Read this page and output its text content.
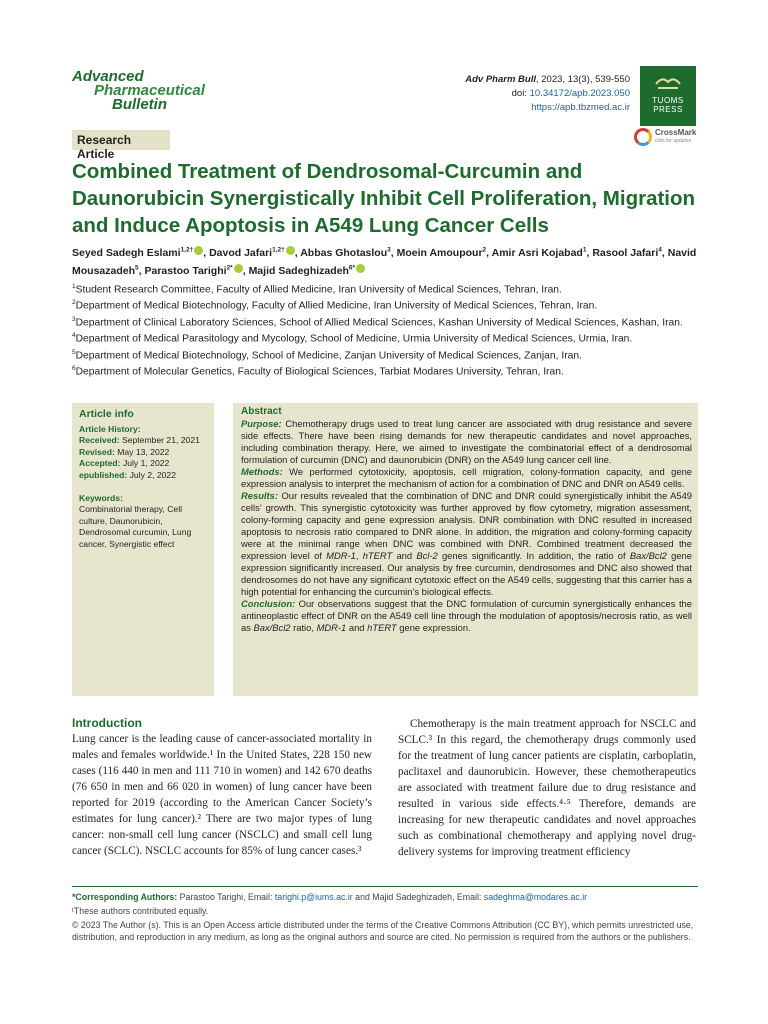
Advanced
Pharmaceutical
Bulletin
Adv Pharm Bull, 2023, 13(3), 539-550
doi: 10.34172/apb.2023.050
https://apb.tbzmed.ac.ir
TUOMS
PRESS
Research Article
CrossMark
click for updates
Combined Treatment of Dendrosomal-Curcumin and Daunorubicin Synergistically Inhibit Cell Proliferation, Migration and Induce Apoptosis in A549 Lung Cancer Cells
Seyed Sadegh Eslami$^{1,2\dagger}$ , Davod Jafari$^{1,2\dagger}$ , Abbas Ghotaslou$^3$, Moein Amoupour$^2$, Amir Asri Kojabad$^1$, Rasool Jafari$^4$, Navid Mousazadeh$^5$, Parastoo Tarighi$^{2*}$ , Majid Sadeghizadeh$^{6*}$
$^1$Student Research Committee, Faculty of Allied Medicine, Iran University of Medical Sciences, Tehran, Iran.
$^2$Department of Medical Biotechnology, Faculty of Allied Medicine, Iran University of Medical Sciences, Tehran, Iran.
$^3$Department of Clinical Laboratory Sciences, School of Allied Medical Sciences, Kashan University of Medical Sciences, Kashan, Iran.
$^4$Department of Medical Parasitology and Mycology, School of Medicine, Urmia University of Medical Sciences, Urmia, Iran.
$^5$Department of Medical Biotechnology, School of Medicine, Zanjan University of Medical Sciences, Zanjan, Iran.
$^6$Department of Molecular Genetics, Faculty of Biological Sciences, Tarbiat Modares University, Tehran, Iran.
Article info
Article History:
Received: September 21, 2021
Revised: May 13, 2022
Accepted: July 1, 2022
epublished: July 2, 2022
Keywords:
Combinatorial therapy, Cell culture, Daunorubicin, Dendrosomal curcumin, Lung cancer, Synergistic effect
Abstract
Purpose: Chemotherapy drugs used to treat lung cancer are associated with drug resistance and severe side effects. There have been rising demands for new therapeutic candidates and novel approaches, including combination therapy. Here, we aimed to investigate the combinatorial effect of a dendrosomal formulation of curcumin (DNC) and daunorubicin (DNR) on the A549 lung cancer cell line.
Methods: We performed cytotoxicity, apoptosis, cell migration, colony-formation capacity, and gene expression analysis to interpret the mechanism of action for a combination of DNC and DNR on A549 cells.
Results: Our results revealed that the combination of DNC and DNR could synergistically inhibit the A549 cells’ growth. This synergistic cytotoxicity was further approved by flow cytometry, migration assessment, colony-forming capacity and gene expression analysis. DNR combination with DNC resulted in increased apoptosis to necrosis ratio compared to DNR alone. In addition, the migration and colony-forming capacity were at the minimal range when DNC was combined with DNR. Combined treatment decreased the expression level of MDR-1, hTERT and Bcl-2 genes significantly. In addition, the ratio of Bax/Bcl2 gene expression significantly increased. Our analysis by free curcumin, dendrosomes and DNC also showed that dendrosomes do not have any significant cytotoxic effect on the A549 cells, suggesting that this carrier has a high potential for enhancing the curcumin’s biological effects.
Conclusion: Our observations suggest that the DNC formulation of curcumin synergistically enhances the antineoplastic effect of DNR on the A549 cell line through the modulation of apoptosis/necrosis ratio, as well as Bax/Bcl2 ratio, MDR-1 and hTERT gene expression.
Introduction

Lung cancer is the leading cause of cancer-associated mortality in males and females worldwide.¹ In the United States, 228 150 new cases (116 440 in men and 111 710 in women) and 142 670 deaths (76 650 in men and 66 020 in women) of lung cancer have been reported for 2019 (according to the American Cancer Society’s estimates for lung cancer).² There are two major types of lung cancer: non-small cell lung cancer (NSCLC) and small cell lung cancer (SCLC). NSCLC accounts for 85% of lung cancer cases.³

Chemotherapy is the main treatment approach for NSCLC and SCLC.³ In this regard, the chemotherapy drugs commonly used for the treatment of lung cancer patients are cisplatin, carboplatin, paclitaxel and daunorubicin. However, these chemotherapeutics are associated with treatment failure due to drug resistance and resulted in various side effects.⁴·⁵ Therefore, demands are increasing for new therapeutic candidates and novel approaches such as combinational chemotherapy and applying novel drug-delivery systems for improving treatment efficiency

*Corresponding Authors: Parastoo Tarighi, Email: tarighi.p@iums.ac.ir and Majid Sadeghizadeh, Email: sadeghma@modares.ac.ir

ᵗThese authors contributed equally.

© 2023 The Author (s). This is an Open Access article distributed under the terms of the Creative Commons Attribution (CC BY), which permits unrestricted use, distribution, and reproduction in any medium, as long as the original authors and source are cited. No permission is required from the authors or the publishers.
